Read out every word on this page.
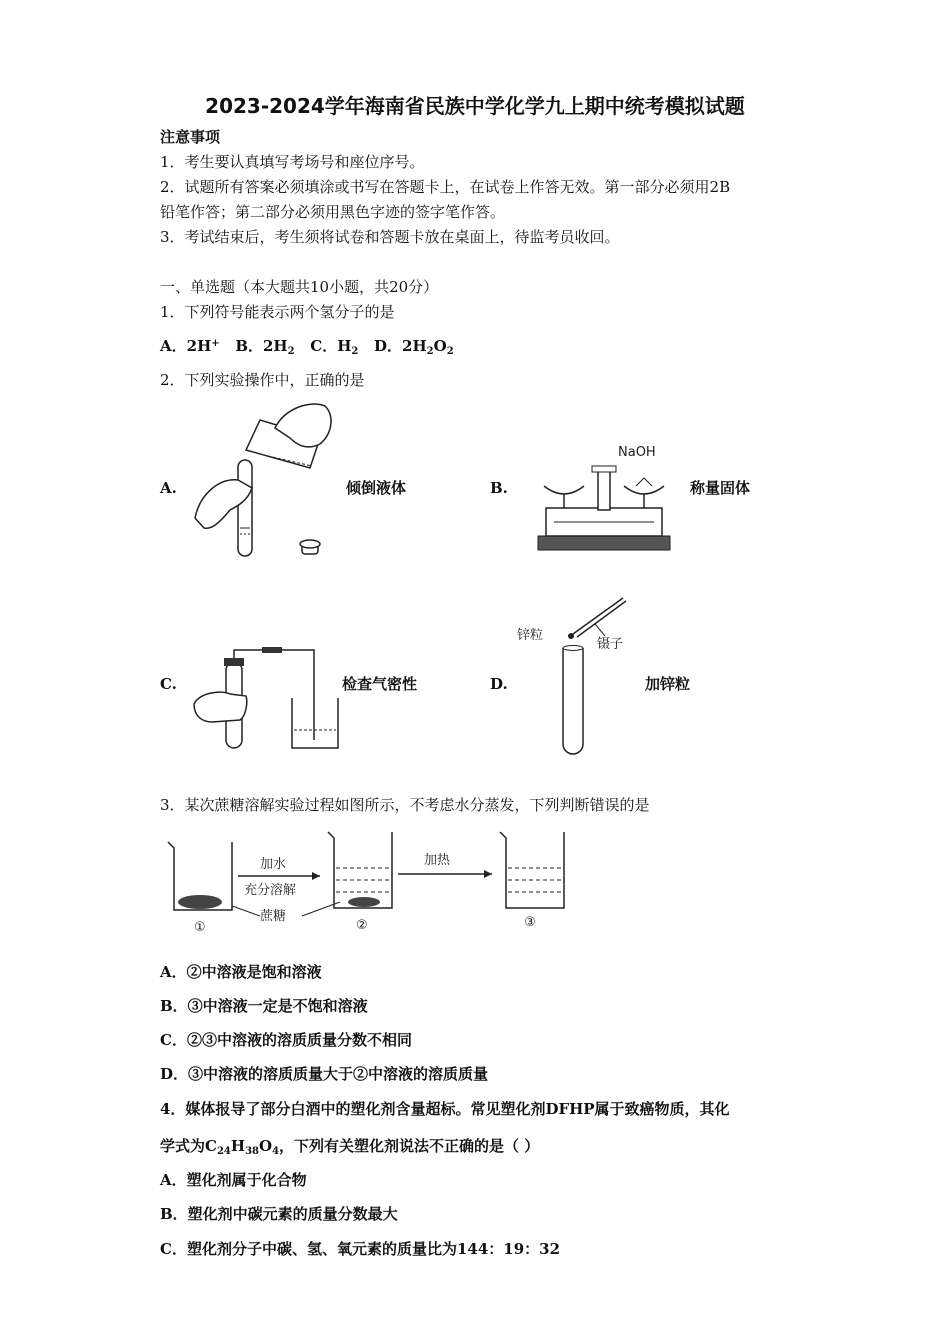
2023-2024学年海南省民族中学化学九上期中统考模拟试题
注意事项
1．考生要认真填写考场号和座位序号。
2．试题所有答案必须填涂或书写在答题卡上，在试卷上作答无效。第一部分必须用2B
铅笔作答；第二部分必须用黑色字迹的签字笔作答。
3．考试结束后，考生须将试卷和答题卡放在桌面上，待监考员收回。
一、单选题（本大题共10小题，共20分）
1．下列符号能表示两个氢分子的是
A．2H+ B．$2H_2$ C．$H_2$ D．$2H_2O_2$
2．下列实验操作中，正确的是
A.	倾倒液体	B.	称量固体
NaOH
C.	检查气密性	D.	加锌粒
锌粒
镊子
3．某次蔗糖溶解实验过程如图所示，不考虑水分蒸发，下列判断错误的是
①
加水
充分溶解
蔗糖
②
加热
③
A．②中溶液是饱和溶液
B．③中溶液一定是不饱和溶液
C．②③中溶液的溶质质量分数不相同
D．③中溶液的溶质质量大于②中溶液的溶质质量
4．媒体报导了部分白酒中的塑化剂含量超标。常见塑化剂DFHP属于致癌物质，其化
学式为$C_{24}H_{38}O_4$，下列有关塑化剂说法不正确的是（ ）
A．塑化剂属于化合物
B．塑化剂中碳元素的质量分数最大
C．塑化剂分子中碳、氢、氧元素的质量比为144：19：32
